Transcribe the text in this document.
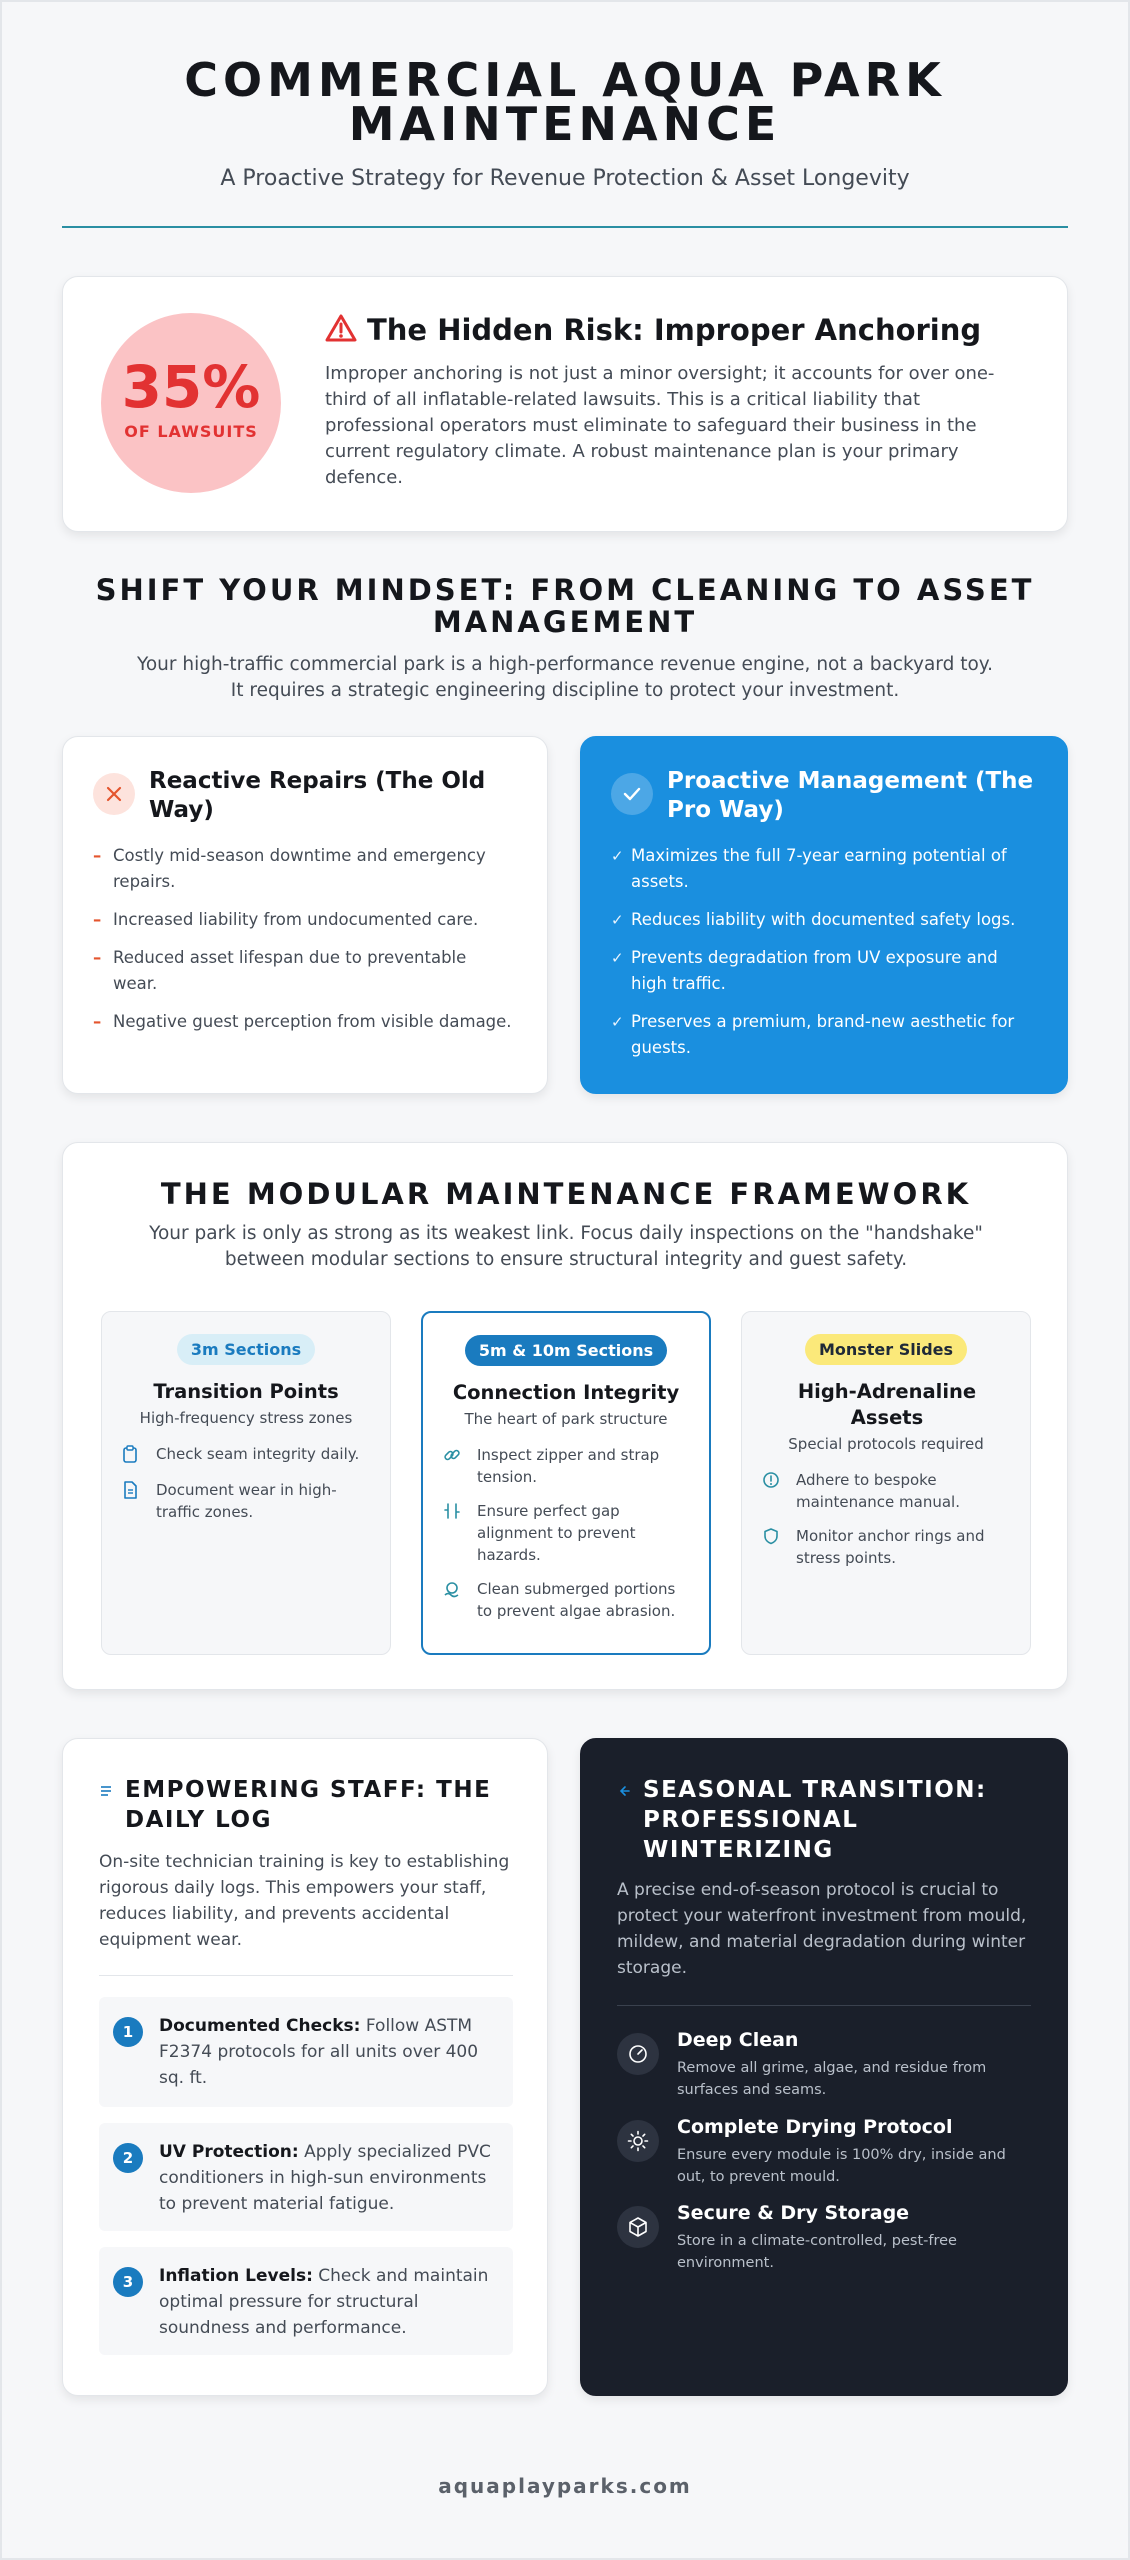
COMMERCIAL AQUA PARK
MAINTENANCE
A Proactive Strategy for Revenue Protection & Asset Longevity
35%
OF LAWSUITS
The Hidden Risk: Improper Anchoring
Improper anchoring is not just a minor oversight; it accounts for over one-third of all inflatable-related lawsuits. This is a critical liability that professional operators must eliminate to safeguard their business in the current regulatory climate. A robust maintenance plan is your primary defence.
SHIFT YOUR MINDSET: FROM CLEANING TO ASSET
MANAGEMENT
Your high-traffic commercial park is a high-performance revenue engine, not a backyard toy. It requires a strategic engineering discipline to protect your investment.
Reactive Repairs (The Old Way)
– Costly mid-season downtime and emergency repairs.
– Increased liability from undocumented care.
– Reduced asset lifespan due to preventable wear.
– Negative guest perception from visible damage.
Proactive Management (The Pro Way)
✓ Maximizes the full 7-year earning potential of assets.
✓ Reduces liability with documented safety logs.
✓ Prevents degradation from UV exposure and high traffic.
✓ Preserves a premium, brand-new aesthetic for guests.
THE MODULAR MAINTENANCE FRAMEWORK
Your park is only as strong as its weakest link. Focus daily inspections on the "handshake" between modular sections to ensure structural integrity and guest safety.
3m Sections
Transition Points
High-frequency stress zones
Check seam integrity daily.
Document wear in high-traffic zones.
5m & 10m Sections
Connection Integrity
The heart of park structure
Inspect zipper and strap tension.
Ensure perfect gap alignment to prevent hazards.
Clean submerged portions to prevent algae abrasion.
Monster Slides
High-Adrenaline Assets
Special protocols required
Adhere to bespoke maintenance manual.
Monitor anchor rings and stress points.
EMPOWERING STAFF: THE DAILY LOG
On-site technician training is key to establishing rigorous daily logs. This empowers your staff, reduces liability, and prevents accidental equipment wear.
1	Documented Checks: Follow ASTM F2374 protocols for all units over 400 sq. ft.
2	UV Protection: Apply specialized PVC conditioners in high-sun environments to prevent material fatigue.
3	Inflation Levels: Check and maintain optimal pressure for structural soundness and performance.
SEASONAL TRANSITION: PROFESSIONAL WINTERIZING
A precise end-of-season protocol is crucial to protect your waterfront investment from mould, mildew, and material degradation during winter storage.
Deep Clean
Remove all grime, algae, and residue from surfaces and seams.
Complete Drying Protocol
Ensure every module is 100% dry, inside and out, to prevent mould.
Secure & Dry Storage
Store in a climate-controlled, pest-free environment.
aquaplayparks.com
